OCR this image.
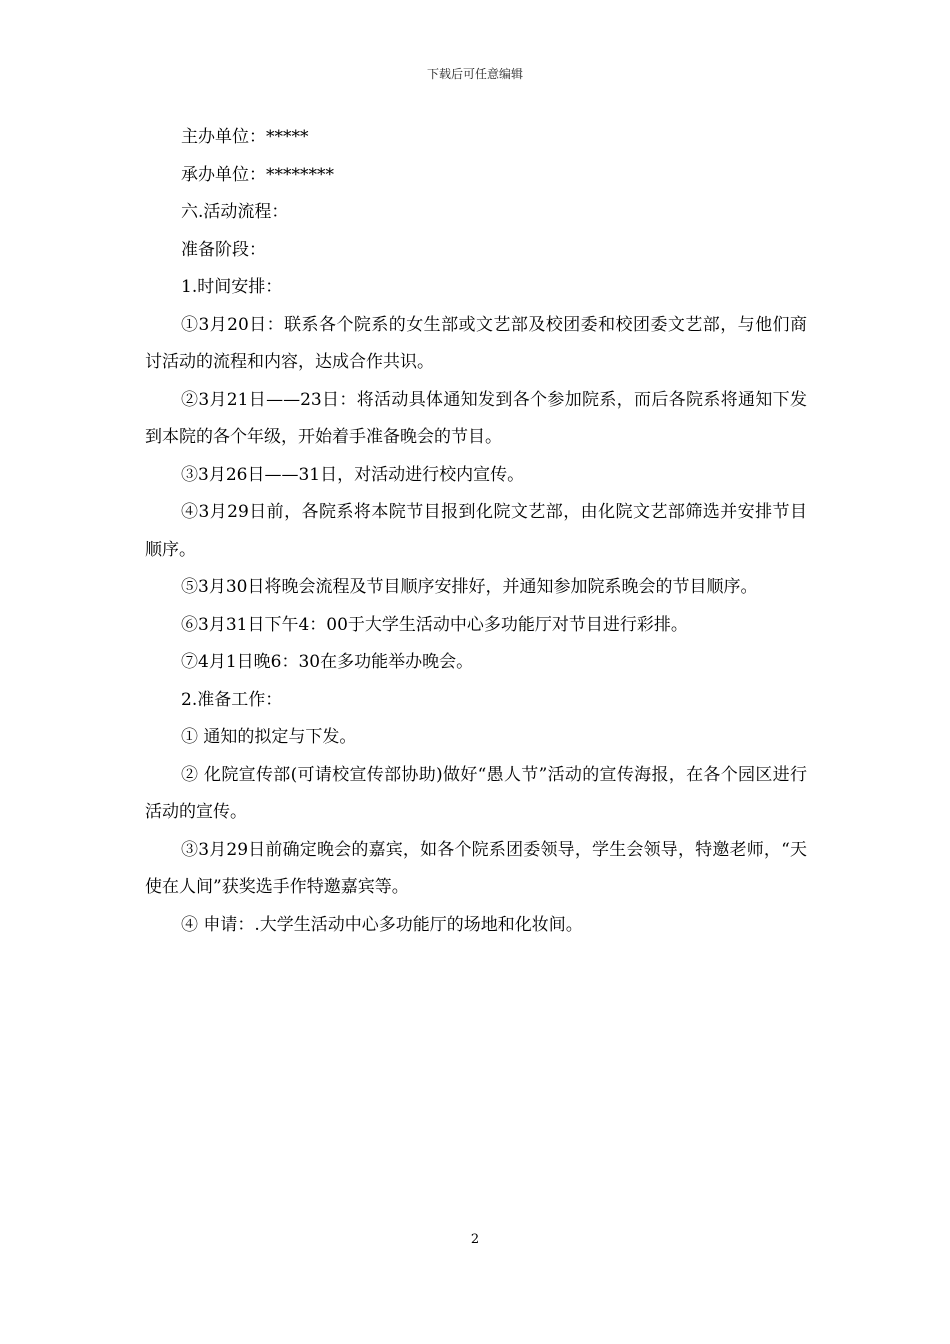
下载后可任意编辑

主办单位：*****

承办单位：********

六.活动流程：

准备阶段：

1.时间安排：

①3月20日：联系各个院系的女生部或文艺部及校团委和校团委文艺部，与他们商讨活动的流程和内容，达成合作共识。

②3月21日——23日：将活动具体通知发到各个参加院系，而后各院系将通知下发到本院的各个年级，开始着手准备晚会的节目。

③3月26日——31日，对活动进行校内宣传。

④3月29日前，各院系将本院节目报到化院文艺部，由化院文艺部筛选并安排节目顺序。

⑤3月30日将晚会流程及节目顺序安排好，并通知参加院系晚会的节目顺序。

⑥3月31日下午4：00于大学生活动中心多功能厅对节目进行彩排。

⑦4月1日晚6：30在多功能举办晚会。

2.准备工作：

① 通知的拟定与下发。

② 化院宣传部(可请校宣传部协助)做好“愚人节”活动的宣传海报，在各个园区进行活动的宣传。

③3月29日前确定晚会的嘉宾，如各个院系团委领导，学生会领导，特邀老师，“天使在人间”获奖选手作特邀嘉宾等。

④ 申请：.大学生活动中心多功能厅的场地和化妆间。

2
